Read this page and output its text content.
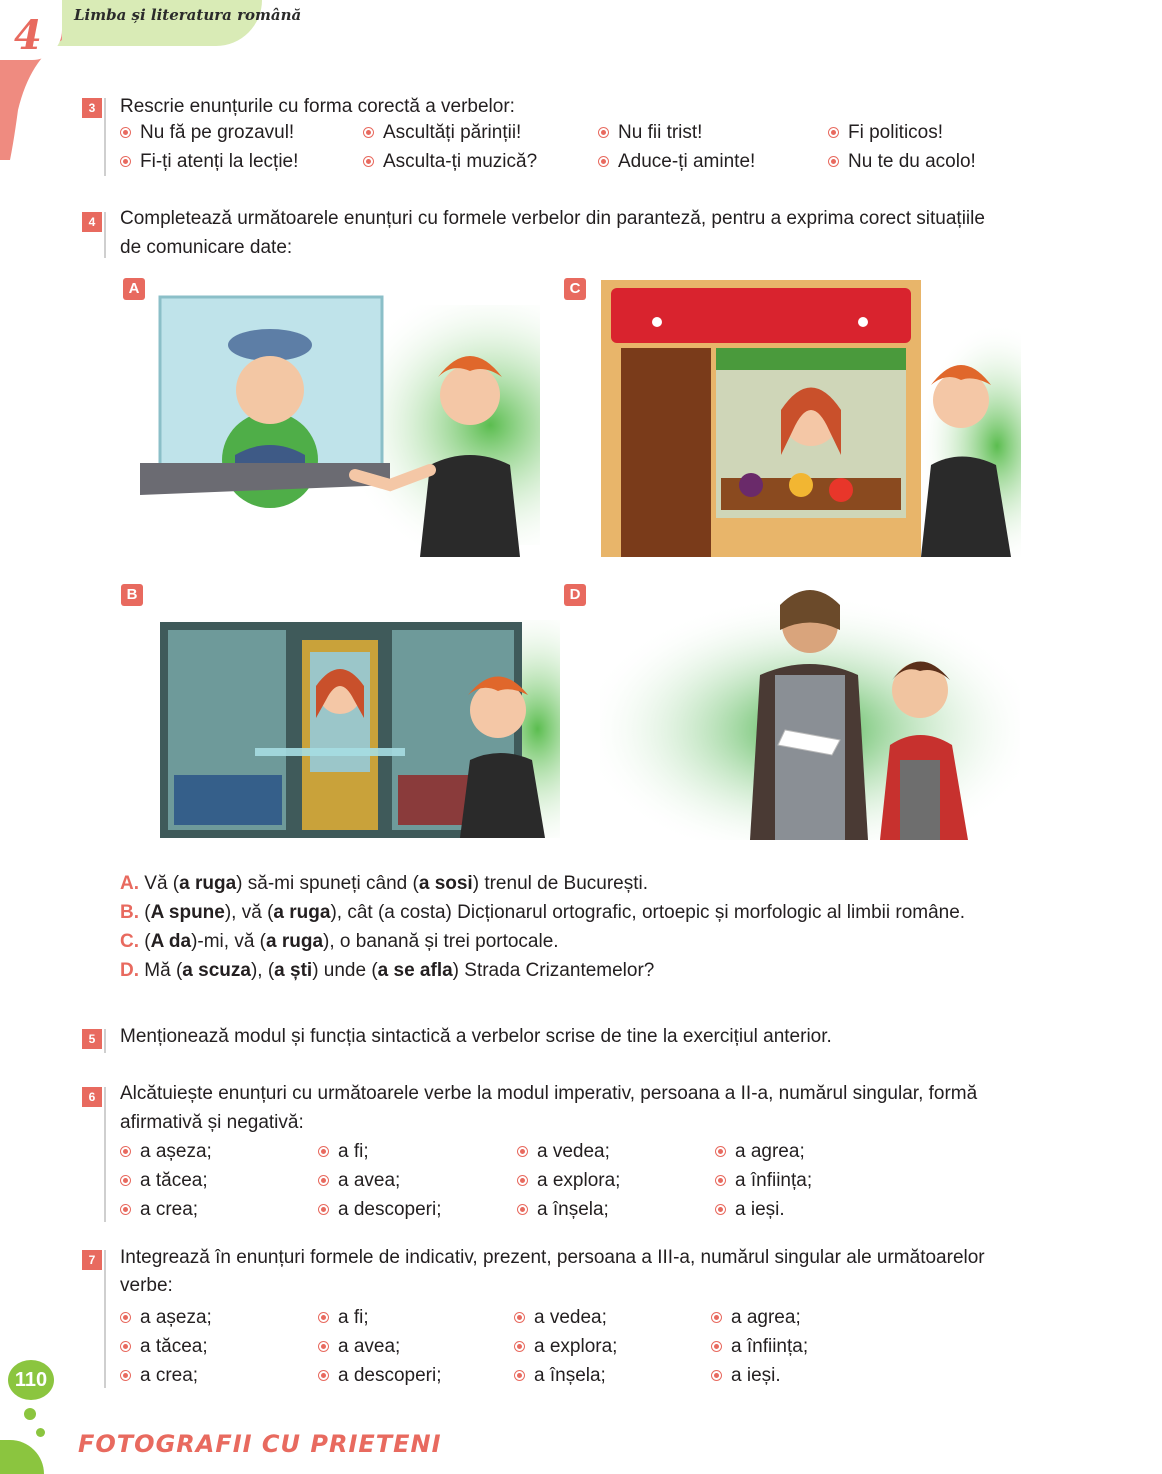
4 Limba și literatura română
3	Rescrie enunțurile cu forma corectă a verbelor:
Nu fă pe grozavul!	Ascultăți părinții!	Nu fii trist!	Fi politicos!
Fi-ți atenți la lecție!	Asculta-ți muzică?	Aduce-ți aminte!	Nu te du acolo!
4	Completează următoarele enunțuri cu formele verbelor din paranteză, pentru a exprima corect situațiile
de comunicare date:
A	C
B	D
A. Vă (a ruga) să-mi spuneți când (a sosi) trenul de București.
B. (A spune), vă (a ruga), cât (a costa) Dicționarul ortografic, ortoepic și morfologic al limbii române.
C. (A da)-mi, vă (a ruga), o banană și trei portocale.
D. Mă (a scuza), (a ști) unde (a se afla) Strada Crizantemelor?
5	Menționează modul și funcția sintactică a verbelor scrise de tine la exercițiul anterior.
6	Alcătuiește enunțuri cu următoarele verbe la modul imperativ, persoana a II-a, numărul singular, formă
afirmativă și negativă:
a așeza;	a fi;	a vedea;	a agrea;
a tăcea;	a avea;	a explora;	a înființa;
a crea;	a descoperi;	a înșela;	a ieși.
7	Integrează în enunțuri formele de indicativ, prezent, persoana a III-a, numărul singular ale următoarelor
verbe:
a așeza;	a fi;	a vedea;	a agrea;
a tăcea;	a avea;	a explora;	a înființa;
a crea;	a descoperi;	a înșela;	a ieși.
110
FOTOGRAFII CU PRIETENI
